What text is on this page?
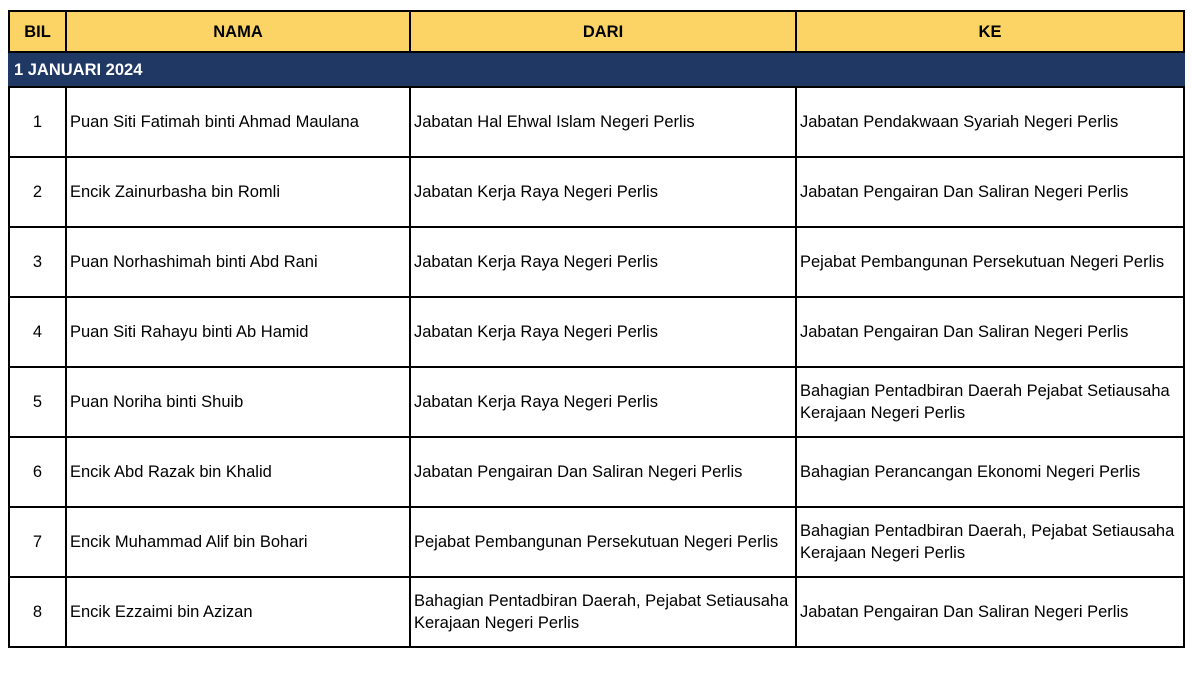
BIL	NAMA	DARI	KE
1 JANUARI 2024			
1	Puan Siti Fatimah binti Ahmad Maulana	Jabatan Hal Ehwal Islam Negeri Perlis	Jabatan Pendakwaan Syariah Negeri Perlis
2	Encik Zainurbasha bin Romli	Jabatan Kerja Raya Negeri Perlis	Jabatan Pengairan Dan Saliran Negeri Perlis
3	Puan Norhashimah binti Abd Rani	Jabatan Kerja Raya Negeri Perlis	Pejabat Pembangunan Persekutuan Negeri Perlis
4	Puan Siti Rahayu binti Ab Hamid	Jabatan Kerja Raya Negeri Perlis	Jabatan Pengairan Dan Saliran Negeri Perlis
5	Puan Noriha binti Shuib	Jabatan Kerja Raya Negeri Perlis	Bahagian Pentadbiran Daerah Pejabat Setiausaha Kerajaan Negeri Perlis
6	Encik Abd Razak bin Khalid	Jabatan Pengairan Dan Saliran Negeri Perlis	Bahagian Perancangan Ekonomi Negeri Perlis
7	Encik Muhammad Alif bin Bohari	Pejabat Pembangunan Persekutuan Negeri Perlis	Bahagian Pentadbiran Daerah, Pejabat Setiausaha Kerajaan Negeri Perlis
8	Encik Ezzaimi bin Azizan	Bahagian Pentadbiran Daerah, Pejabat Setiausaha Kerajaan Negeri Perlis	Jabatan Pengairan Dan Saliran Negeri Perlis
